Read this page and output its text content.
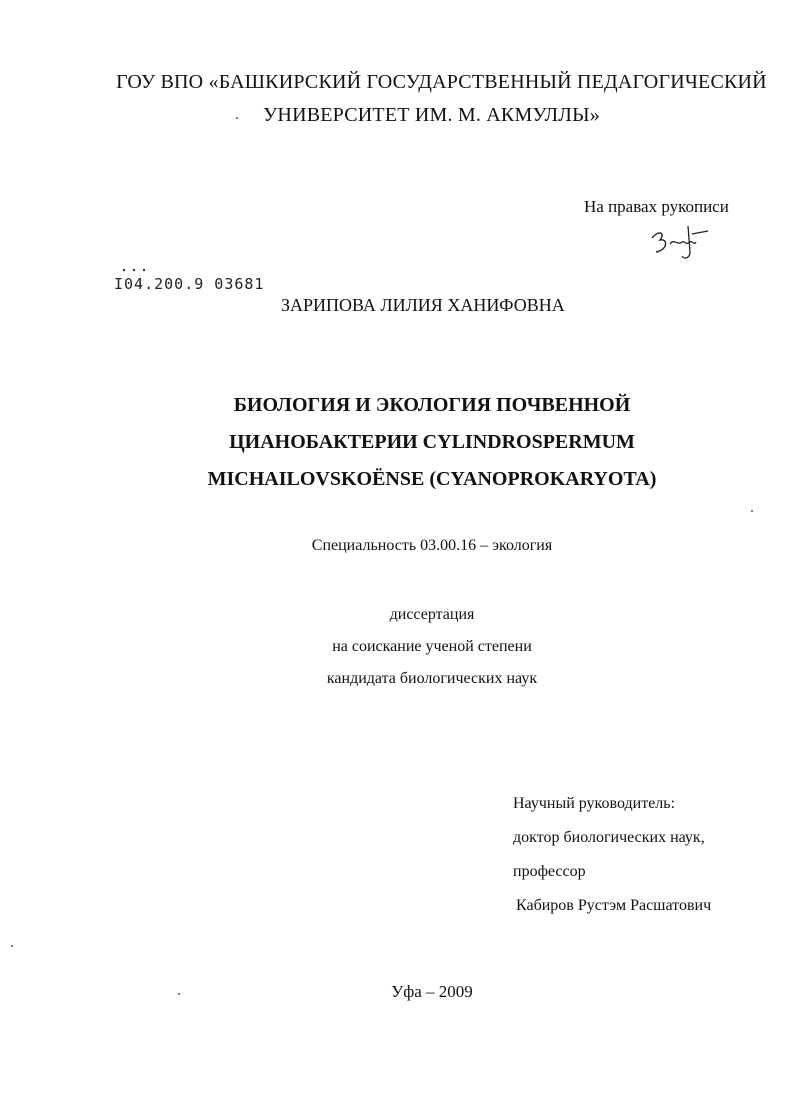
ГОУ ВПО «БАШКИРСКИЙ ГОСУДАРСТВЕННЫЙ ПЕДАГОГИЧЕСКИЙ
УНИВЕРСИТЕТ ИМ. М. АКМУЛЛЫ»
На правах рукописи
I04.200.9 03681
ЗАРИПОВА ЛИЛИЯ ХАНИФОВНА
БИОЛОГИЯ И ЭКОЛОГИЯ ПОЧВЕННОЙ
ЦИАНОБАКТЕРИИ CYLINDROSPERMUM
MICHAILOVSKOЁNSE (CYANOPROKARYOTA)
Специальность 03.00.16 – экология
диссертация
на соискание ученой степени
кандидата биологических наук
Научный руководитель:
доктор биологических наук,
профессор
Кабиров Рустэм Расшатович
Уфа – 2009
